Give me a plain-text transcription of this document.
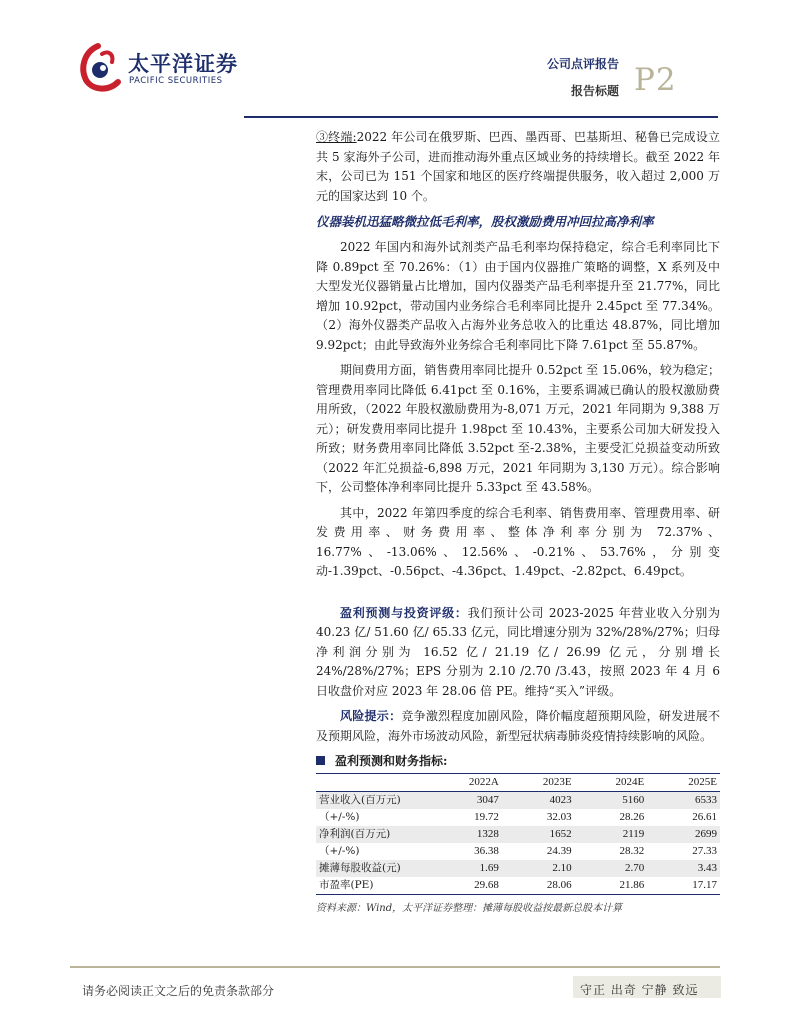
太平洋证券
PACIFIC SECURITIES
公司点评报告
报告标题 P2

③终端:2022 年公司在俄罗斯、巴西、墨西哥、巴基斯坦、秘鲁已完成设立共 5 家海外子公司，进而推动海外重点区域业务的持续增长。截至 2022 年末，公司已为 151 个国家和地区的医疗终端提供服务，收入超过 2,000 万元的国家达到 10 个。

仪器装机迅猛略微拉低毛利率，股权激励费用冲回拉高净利率

2022 年国内和海外试剂类产品毛利率均保持稳定，综合毛利率同比下降 0.89pct 至 70.26%：（1）由于国内仪器推广策略的调整，X 系列及中大型发光仪器销量占比增加，国内仪器类产品毛利率提升至 21.77%，同比增加 10.92pct，带动国内业务综合毛利率同比提升 2.45pct 至 77.34%。（2）海外仪器类产品收入占海外业务总收入的比重达 48.87%，同比增加 9.92pct；由此导致海外业务综合毛利率同比下降 7.61pct 至 55.87%。

期间费用方面，销售费用率同比提升 0.52pct 至 15.06%，较为稳定；管理费用率同比降低 6.41pct 至 0.16%，主要系调减已确认的股权激励费用所致，（2022 年股权激励费用为-8,071 万元，2021 年同期为 9,388 万元）；研发费用率同比提升 1.98pct 至 10.43%，主要系公司加大研发投入所致；财务费用率同比降低 3.52pct 至-2.38%，主要受汇兑损益变动所致（2022 年汇兑损益-6,898 万元，2021 年同期为 3,130 万元）。综合影响下，公司整体净利率同比提升 5.33pct 至 43.58%。

其中，2022 年第四季度的综合毛利率、销售费用率、管理费用率、研发费用率、财务费用率、整体净利率分别为 72.37%、16.77%、-13.06%、12.56%、-0.21%、53.76%，分别变动-1.39pct、-0.56pct、-4.36pct、1.49pct、-2.82pct、6.49pct。

盈利预测与投资评级：我们预计公司 2023-2025 年营业收入分别为 40.23 亿/ 51.60 亿/ 65.33 亿元，同比增速分别为 32%/28%/27%；归母净利润分别为 16.52 亿/ 21.19 亿/ 26.99 亿元，分别增长 24%/28%/27%；EPS 分别为 2.10 /2.70 /3.43，按照 2023 年 4 月 6 日收盘价对应 2023 年 28.06 倍 PE。维持“买入”评级。

风险提示：竞争激烈程度加剧风险，降价幅度超预期风险，研发进展不及预期风险，海外市场波动风险，新型冠状病毒肺炎疫情持续影响的风险。

盈利预测和财务指标:
	2022A	2023E	2024E	2025E
营业收入(百万元)	3047	4023	5160	6533
（+/-%)	19.72	32.03	28.26	26.61
净利润(百万元)	1328	1652	2119	2699
（+/-%)	36.38	24.39	28.32	27.33
摊薄每股收益(元)	1.69	2.10	2.70	3.43
市盈率(PE)	29.68	28.06	21.86	17.17
资料来源：Wind，太平洋证券整理：摊薄每股收益按最新总股本计算
请务必阅读正文之后的免责条款部分	守正 出奇 宁静 致远
